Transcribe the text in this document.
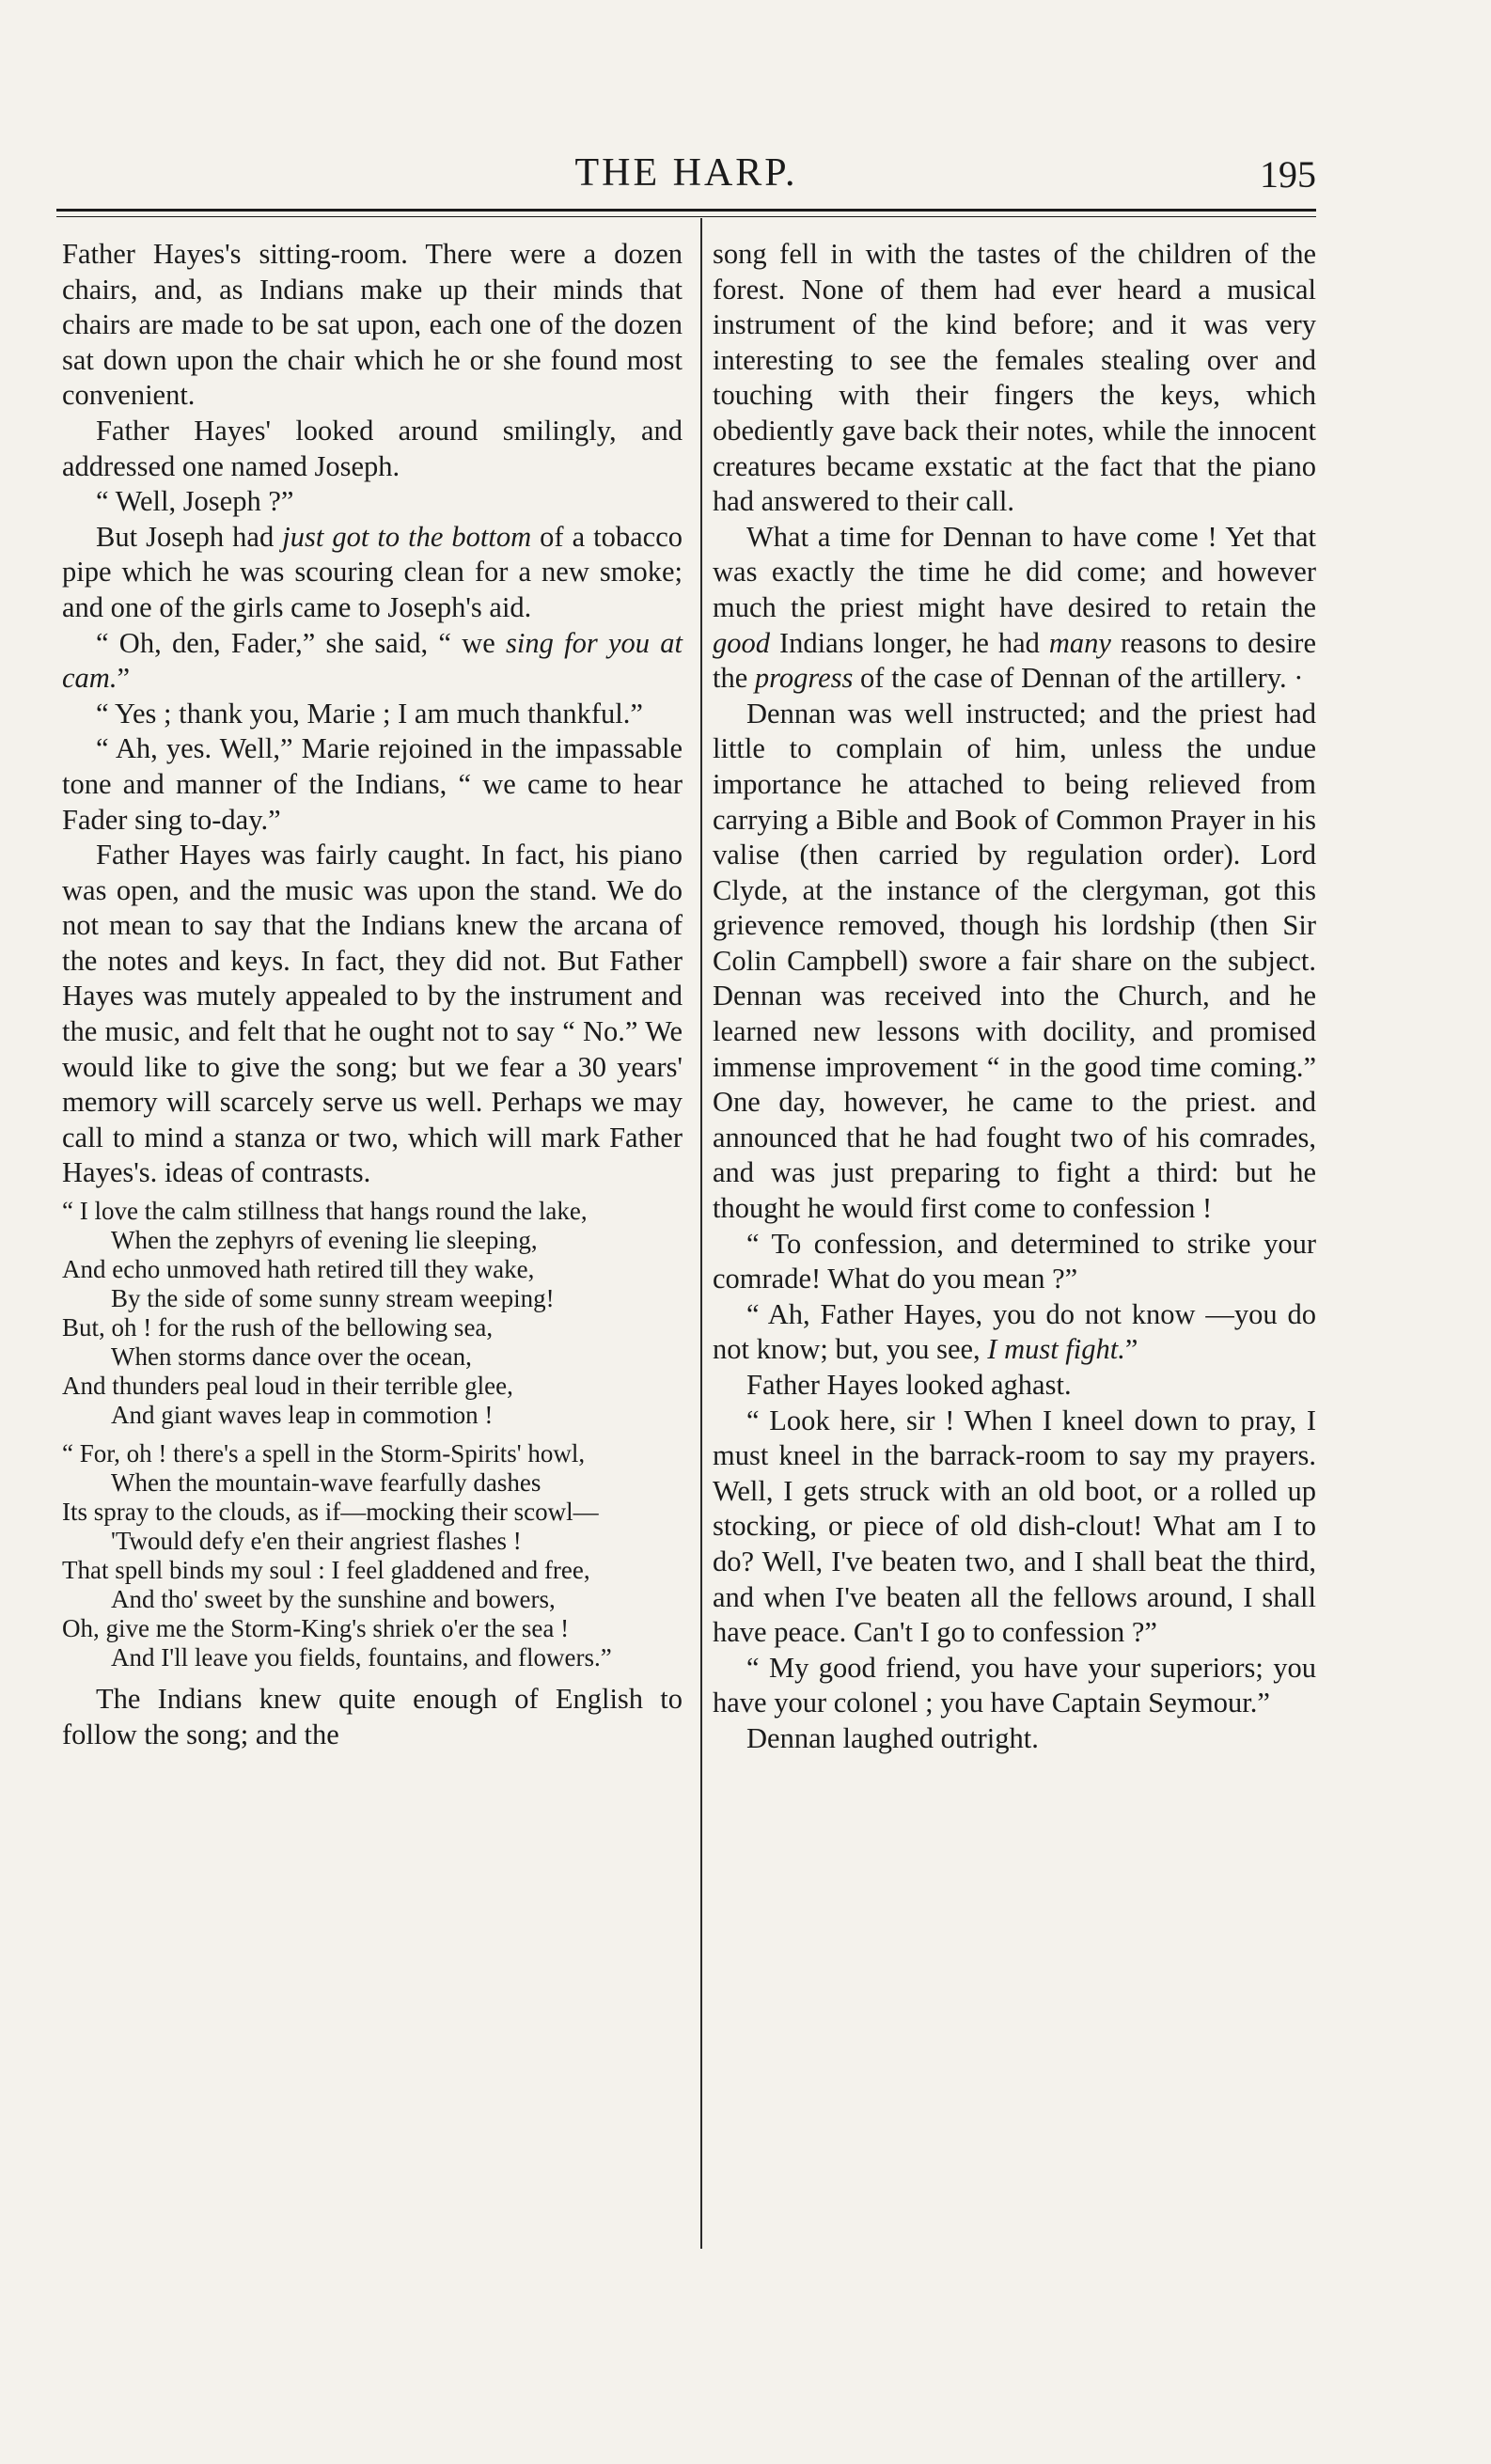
THE HARP.	195

Father Hayes's sitting-room. There were a dozen chairs, and, as Indians make up their minds that chairs are made to be sat upon, each one of the dozen sat down upon the chair which he or she found most convenient.

Father Hayes' looked around smilingly, and addressed one named Joseph.

“ Well, Joseph ?”

But Joseph had just got to the bottom of a tobacco pipe which he was scouring clean for a new smoke; and one of the girls came to Joseph's aid.

“ Oh, den, Fader,” she said, “ we sing for you at cam.”

“ Yes ; thank you, Marie ; I am much thankful.”

“ Ah, yes. Well,” Marie rejoined in the impassable tone and manner of the Indians, “ we came to hear Fader sing to-day.”

Father Hayes was fairly caught. In fact, his piano was open, and the music was upon the stand. We do not mean to say that the Indians knew the arcana of the notes and keys. In fact, they did not. But Father Hayes was mutely appealed to by the instrument and the music, and felt that he ought not to say “ No.” We would like to give the song; but we fear a 30 years' memory will scarcely serve us well. Perhaps we may call to mind a stanza or two, which will mark Father Hayes's. ideas of contrasts.

“ I love the calm stillness that hangs round the lake,

When the zephyrs of evening lie sleeping,

And echo unmoved hath retired till they wake,

By the side of some sunny stream weeping!

But, oh ! for the rush of the bellowing sea,

When storms dance over the ocean,

And thunders peal loud in their terrible glee,

And giant waves leap in commotion !

“ For, oh ! there's a spell in the Storm-Spirits' howl,

When the mountain-wave fearfully dashes

Its spray to the clouds, as if—mocking their scowl—

'Twould defy e'en their angriest flashes !

That spell binds my soul : I feel gladdened and free,

And tho' sweet by the sunshine and bowers,

Oh, give me the Storm-King's shriek o'er the sea !

And I'll leave you fields, fountains, and flowers.”

The Indians knew quite enough of English to follow the song; and the

song fell in with the tastes of the children of the forest. None of them had ever heard a musical instrument of the kind before; and it was very interesting to see the females stealing over and touching with their fingers the keys, which obediently gave back their notes, while the innocent creatures became exstatic at the fact that the piano had answered to their call.

What a time for Dennan to have come ! Yet that was exactly the time he did come; and however much the priest might have desired to retain the good Indians longer, he had many reasons to desire the progress of the case of Dennan of the artillery. ·

Dennan was well instructed; and the priest had little to complain of him, unless the undue importance he attached to being relieved from carrying a Bible and Book of Common Prayer in his valise (then carried by regulation order). Lord Clyde, at the instance of the clergyman, got this grievence removed, though his lordship (then Sir Colin Campbell) swore a fair share on the subject. Dennan was received into the Church, and he learned new lessons with docility, and promised immense improvement “ in the good time coming.” One day, however, he came to the priest. and announced that he had fought two of his comrades, and was just preparing to fight a third: but he thought he would first come to confession !

“ To confession, and determined to strike your comrade! What do you mean ?”

“ Ah, Father Hayes, you do not know —you do not know; but, you see, I must fight.”

Father Hayes looked aghast.

“ Look here, sir ! When I kneel down to pray, I must kneel in the barrack-room to say my prayers. Well, I gets struck with an old boot, or a rolled up stocking, or piece of old dish-clout! What am I to do? Well, I've beaten two, and I shall beat the third, and when I've beaten all the fellows around, I shall have peace. Can't I go to confession ?”

“ My good friend, you have your superiors; you have your colonel ; you have Captain Seymour.”

Dennan laughed outright.
